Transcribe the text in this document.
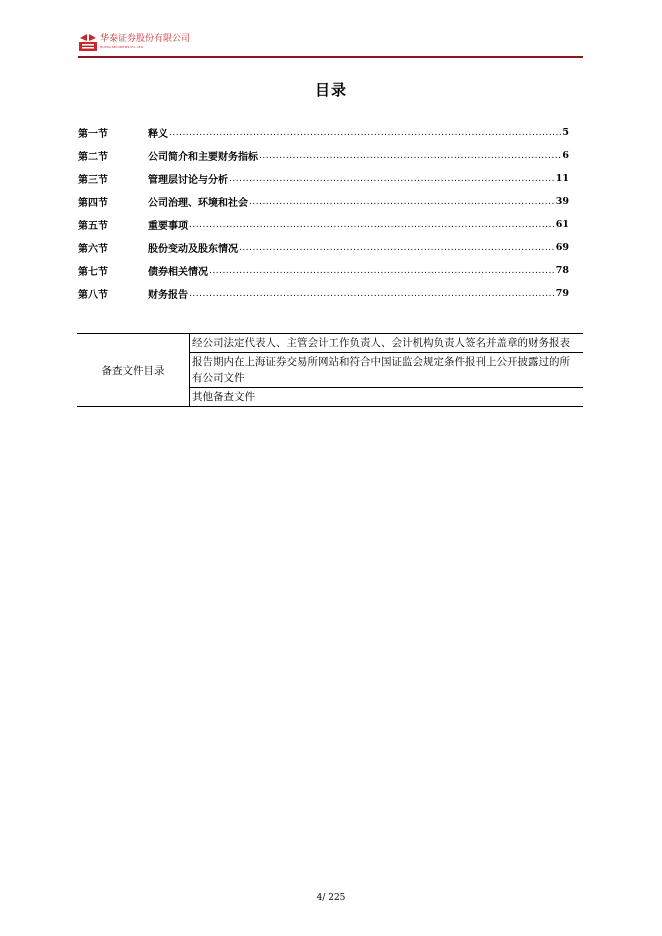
华泰证券股份有限公司
HUATAI SECURITIES CO., LTD.
目录
第一节	释义 .....	5
第二节	公司简介和主要财务指标 .....	6
第三节	管理层讨论与分析 .....	11
第四节	公司治理、环境和社会 .....	39
第五节	重要事项 .....	61
第六节	股份变动及股东情况 .....	69
第七节	债券相关情况 .....	78
第八节	财务报告 .....	79
备查文件目录	经公司法定代表人、主管会计工作负责人、会计机构负责人签名并盖章的财务报表
报告期内在上海证券交易所网站和符合中国证监会规定条件报刊上公开披露过的所有公司文件
其他备查文件
4/ 225
